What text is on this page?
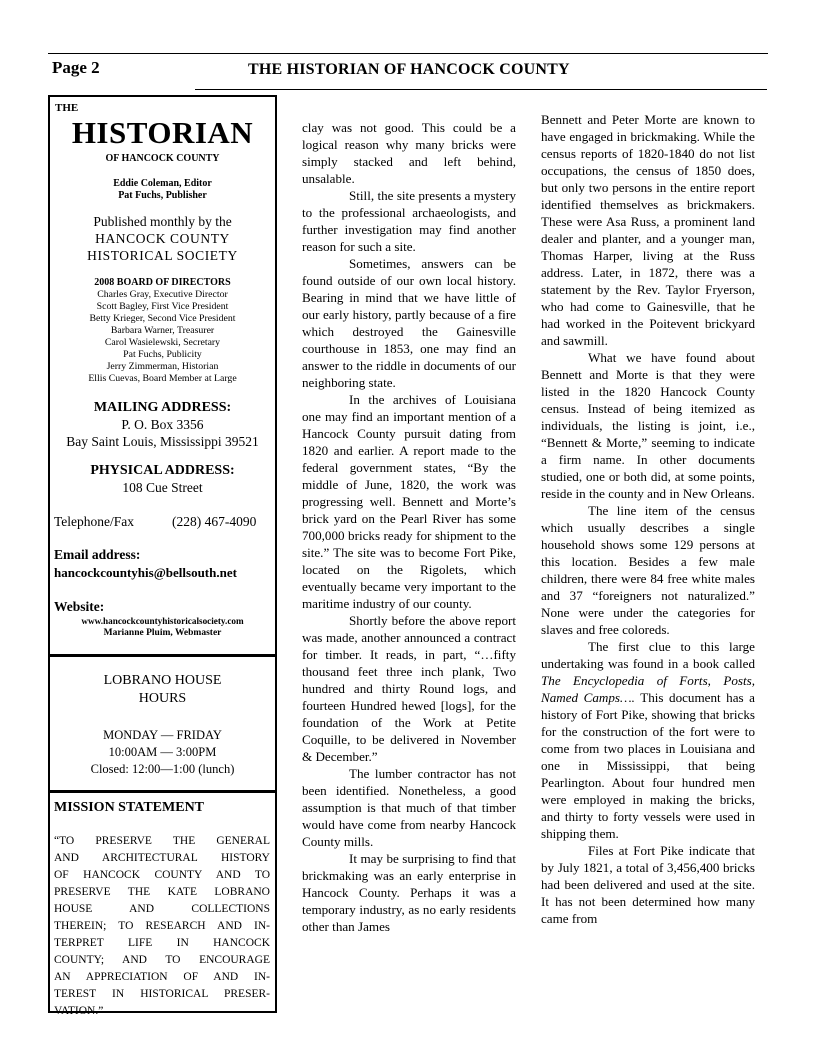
Page 2	THE HISTORIAN OF HANCOCK COUNTY
THE
HISTORIAN
OF HANCOCK COUNTY
Eddie Coleman, Editor
Pat Fuchs, Publisher
Published monthly by the
HANCOCK COUNTY
HISTORICAL SOCIETY
2008 BOARD OF DIRECTORS
Charles Gray, Executive Director
Scott Bagley, First Vice President
Betty Krieger, Second Vice President
Barbara Warner, Treasurer
Carol Wasielewski, Secretary
Pat Fuchs, Publicity
Jerry Zimmerman, Historian
Ellis Cuevas, Board Member at Large
MAILING ADDRESS:
P. O. Box 3356
Bay Saint Louis, Mississippi 39521
PHYSICAL ADDRESS:
108 Cue Street
Telephone/Fax	(228) 467-4090
Email address:
hancockcountyhis@bellsouth.net
Website:
www.hancockcountyhistoricalsociety.com
Marianne Pluim, Webmaster
LOBRANO HOUSE
HOURS
MONDAY — FRIDAY
10:00AM — 3:00PM
Closed: 12:00—1:00 (lunch)
MISSION STATEMENT
“TO PRESERVE THE GENERAL
AND ARCHITECTURAL HISTORY
OF HANCOCK COUNTY AND TO
PRESERVE THE KATE LOBRANO
HOUSE AND COLLECTIONS
THEREIN; TO RESEARCH AND IN-
TERPRET LIFE IN HANCOCK
COUNTY; AND TO ENCOURAGE
AN APPRECIATION OF AND IN-
TEREST IN HISTORICAL PRESER-
VATION.”

clay was not good. This could be a logical reason why many bricks were simply stacked and left behind, unsalable.

Still, the site presents a mystery to the professional archaeologists, and further investigation may find another reason for such a site.

Sometimes, answers can be found outside of our own local history. Bearing in mind that we have little of our early history, partly because of a fire which destroyed the Gainesville courthouse in 1853, one may find an answer to the riddle in documents of our neighboring state.

In the archives of Louisiana one may find an important mention of a Hancock County pursuit dating from 1820 and earlier. A report made to the federal government states, “By the middle of June, 1820, the work was progressing well. Bennett and Morte’s brick yard on the Pearl River has some 700,000 bricks ready for shipment to the site.” The site was to become Fort Pike, located on the Rigolets, which eventually became very important to the maritime industry of our county.

Shortly before the above report was made, another announced a contract for timber. It reads, in part, “…fifty thousand feet three inch plank, Two hundred and thirty Round logs, and fourteen Hundred hewed [logs], for the foundation of the Work at Petite Coquille, to be delivered in November & December.”

The lumber contractor has not been identified. Nonetheless, a good assumption is that much of that timber would have come from nearby Hancock County mills.

It may be surprising to find that brickmaking was an early enterprise in Hancock County. Perhaps it was a temporary industry, as no early residents other than James

Bennett and Peter Morte are known to have engaged in brickmaking. While the census reports of 1820-1840 do not list occupations, the census of 1850 does, but only two persons in the entire report identified themselves as brickmakers. These were Asa Russ, a prominent land dealer and planter, and a younger man, Thomas Harper, living at the Russ address. Later, in 1872, there was a statement by the Rev. Taylor Fryerson, who had come to Gainesville, that he had worked in the Poitevent brickyard and sawmill.

What we have found about Bennett and Morte is that they were listed in the 1820 Hancock County census. Instead of being itemized as individuals, the listing is joint, i.e., “Bennett & Morte,” seeming to indicate a firm name. In other documents studied, one or both did, at some points, reside in the county and in New Orleans.

The line item of the census which usually describes a single household shows some 129 persons at this location. Besides a few male children, there were 84 free white males and 37 “foreigners not naturalized.” None were under the categories for slaves and free coloreds.

The first clue to this large undertaking was found in a book called The Encyclopedia of Forts, Posts, Named Camps…. This document has a history of Fort Pike, showing that bricks for the construction of the fort were to come from two places in Louisiana and one in Mississippi, that being Pearlington. About four hundred men were employed in making the bricks, and thirty to forty vessels were used in shipping them.

Files at Fort Pike indicate that by July 1821, a total of 3,456,400 bricks had been delivered and used at the site. It has not been determined how many came from
